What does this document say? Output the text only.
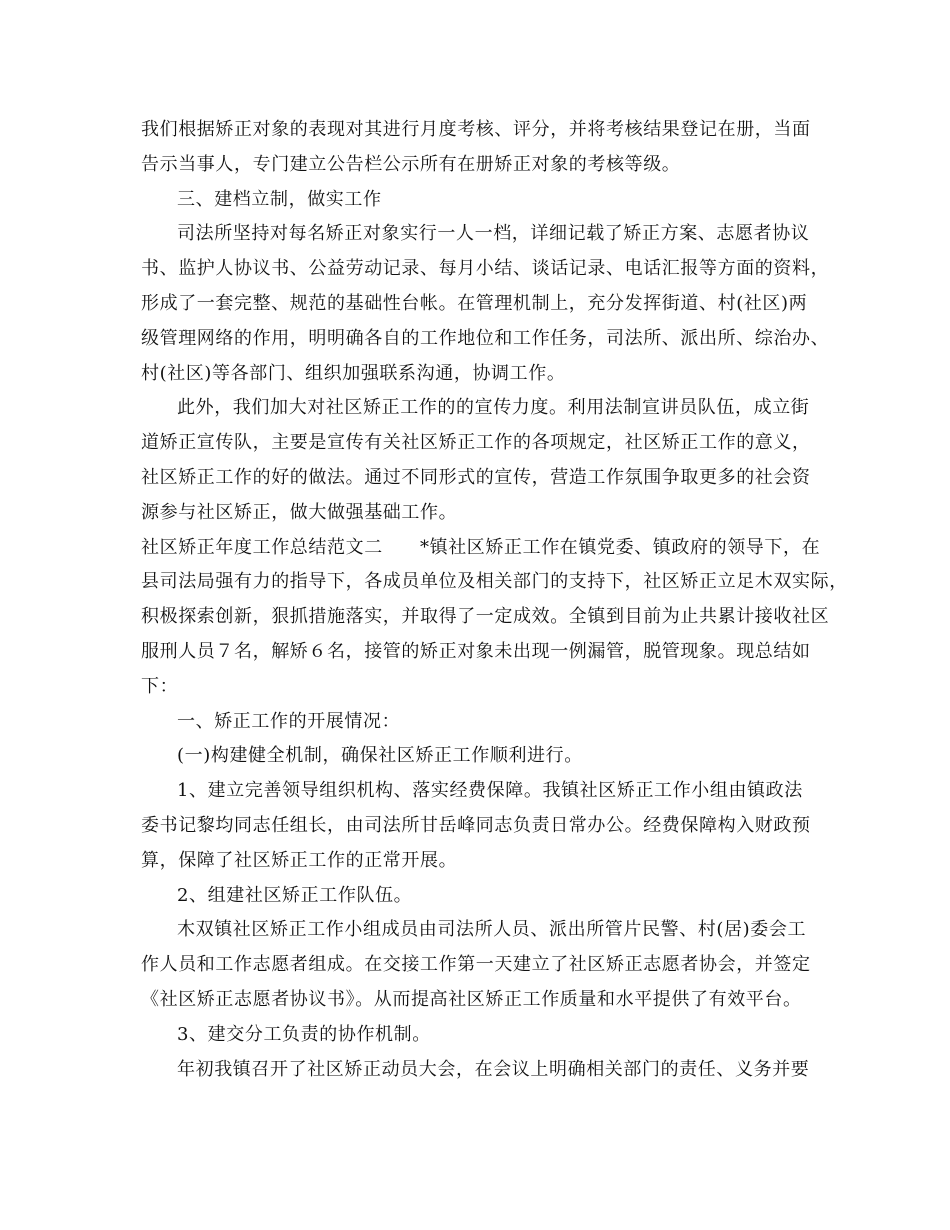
我们根据矫正对象的表现对其进行月度考核、评分，并将考核结果登记在册，当面
告示当事人，专门建立公告栏公示所有在册矫正对象的考核等级。
三、建档立制，做实工作
司法所坚持对每名矫正对象实行一人一档，详细记载了矫正方案、志愿者协议
书、监护人协议书、公益劳动记录、每月小结、谈话记录、电话汇报等方面的资料，
形成了一套完整、规范的基础性台帐。在管理机制上，充分发挥街道、村(社区)两
级管理网络的作用，明明确各自的工作地位和工作任务，司法所、派出所、综治办、
村(社区)等各部门、组织加强联系沟通，协调工作。
此外，我们加大对社区矫正工作的的宣传力度。利用法制宣讲员队伍，成立街
道矫正宣传队，主要是宣传有关社区矫正工作的各项规定，社区矫正工作的意义，
社区矫正工作的好的做法。通过不同形式的宣传，营造工作氛围争取更多的社会资
源参与社区矫正，做大做强基础工作。
社区矫正年度工作总结范文二　　*镇社区矫正工作在镇党委、镇政府的领导下，在
县司法局强有力的指导下，各成员单位及相关部门的支持下，社区矫正立足木双实际，
积极探索创新，狠抓措施落实，并取得了一定成效。全镇到目前为止共累计接收社区
服刑人员７名，解矫６名，接管的矫正对象未出现一例漏管，脱管现象。现总结如
下：
一、矫正工作的开展情况：
(一)构建健全机制，确保社区矫正工作顺利进行。
1、建立完善领导组织机构、落实经费保障。我镇社区矫正工作小组由镇政法
委书记黎均同志任组长，由司法所甘岳峰同志负责日常办公。经费保障构入财政预
算，保障了社区矫正工作的正常开展。
2、组建社区矫正工作队伍。
木双镇社区矫正工作小组成员由司法所人员、派出所管片民警、村(居)委会工
作人员和工作志愿者组成。在交接工作第一天建立了社区矫正志愿者协会，并签定
《社区矫正志愿者协议书》。从而提高社区矫正工作质量和水平提供了有效平台。
3、建交分工负责的协作机制。
年初我镇召开了社区矫正动员大会，在会议上明确相关部门的责任、义务并要
